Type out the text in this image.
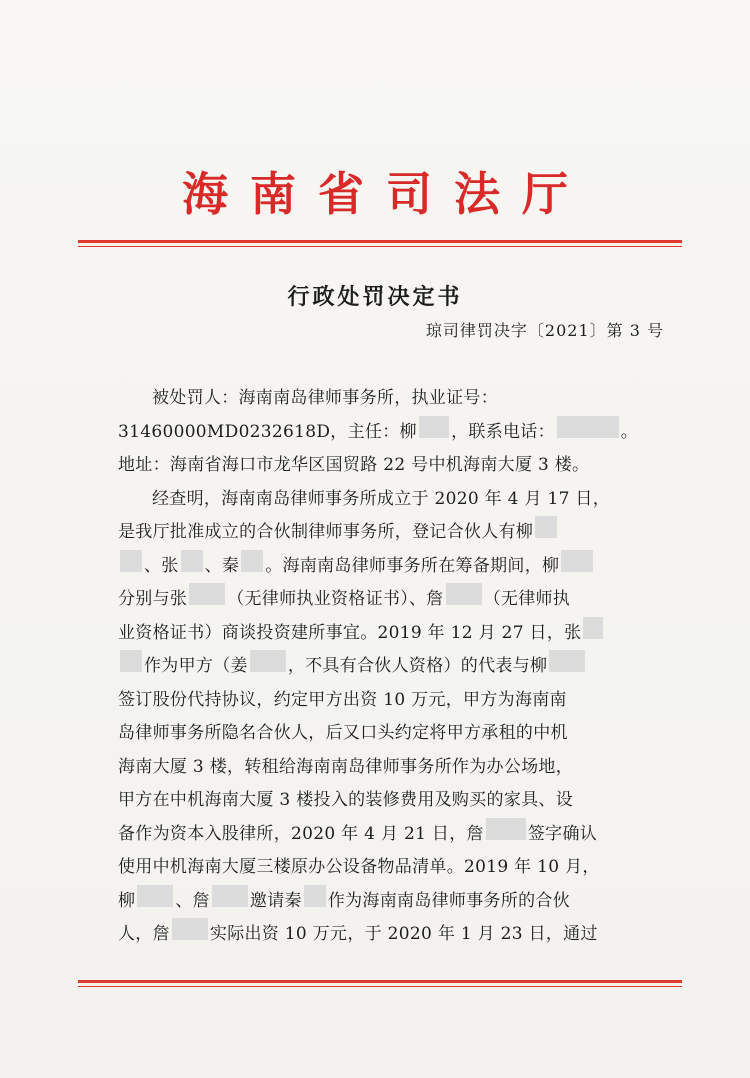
海南省司法厅
行政处罚决定书
琼司律罚决字〔2021〕第 3 号
被处罚人：海南南岛律师事务所，执业证号：
31460000MD0232618D，主任：柳 ，联系电话：	。
地址：海南省海口市龙华区国贸路 22 号中机海南大厦 3 楼。
经查明，海南南岛律师事务所成立于 2020 年 4 月 17 日，
是我厅批准成立的合伙制律师事务所，登记合伙人有柳
、张 、秦 。海南南岛律师事务所在筹备期间，柳
分别与张 （无律师执业资格证书）、詹 （无律师执
业资格证书）商谈投资建所事宜。2019 年 12 月 27 日，张
作为甲方（姜 ，不具有合伙人资格）的代表与柳
签订股份代持协议，约定甲方出资 10 万元，甲方为海南南
岛律师事务所隐名合伙人，后又口头约定将甲方承租的中机
海南大厦 3 楼，转租给海南南岛律师事务所作为办公场地，
甲方在中机海南大厦 3 楼投入的装修费用及购买的家具、设
备作为资本入股律所，2020 年 4 月 21 日，詹	签字确认
使用中机海南大厦三楼原办公设备物品清单。2019 年 10 月，
柳 、詹 邀请秦 作为海南南岛律师事务所的合伙
人，詹 实际出资 10 万元，于 2020 年 1 月 23 日，通过
